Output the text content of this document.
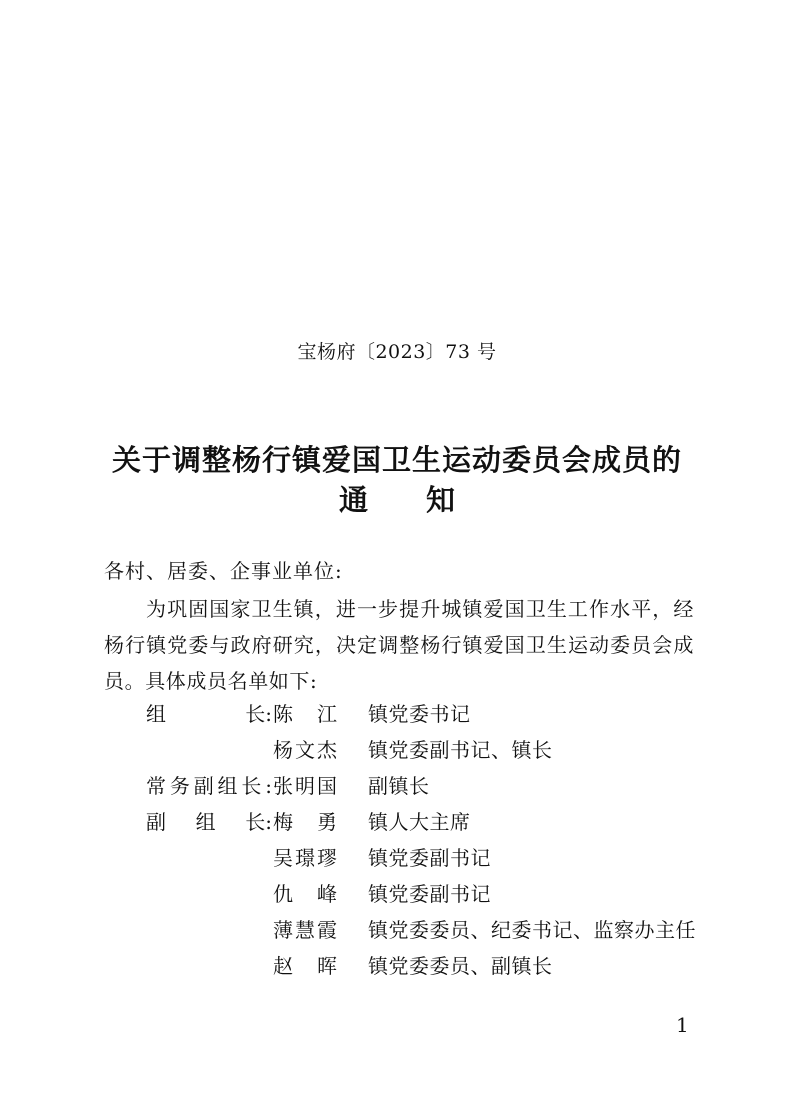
宝杨府〔2023〕73 号
关于调整杨行镇爱国卫生运动委员会成员的
通 知
各村、居委、企事业单位:
为巩固国家卫生镇，进一步提升城镇爱国卫生工作水平，经杨行镇党委与政府研究，决定调整杨行镇爱国卫生运动委员会成员。具体成员名单如下:
组	长: 陈 江 镇党委书记
杨 文 杰 镇党委副书记、镇长
常 务 副 组 长 : 张 明 国 副镇长
副 组 长: 梅 勇 镇人大主席
吴 璟 璆 镇党委副书记
仇 峰 镇党委副书记
薄 慧 霞 镇党委委员、纪委书记、监察办主任
赵 晖 镇党委委员、副镇长
1
